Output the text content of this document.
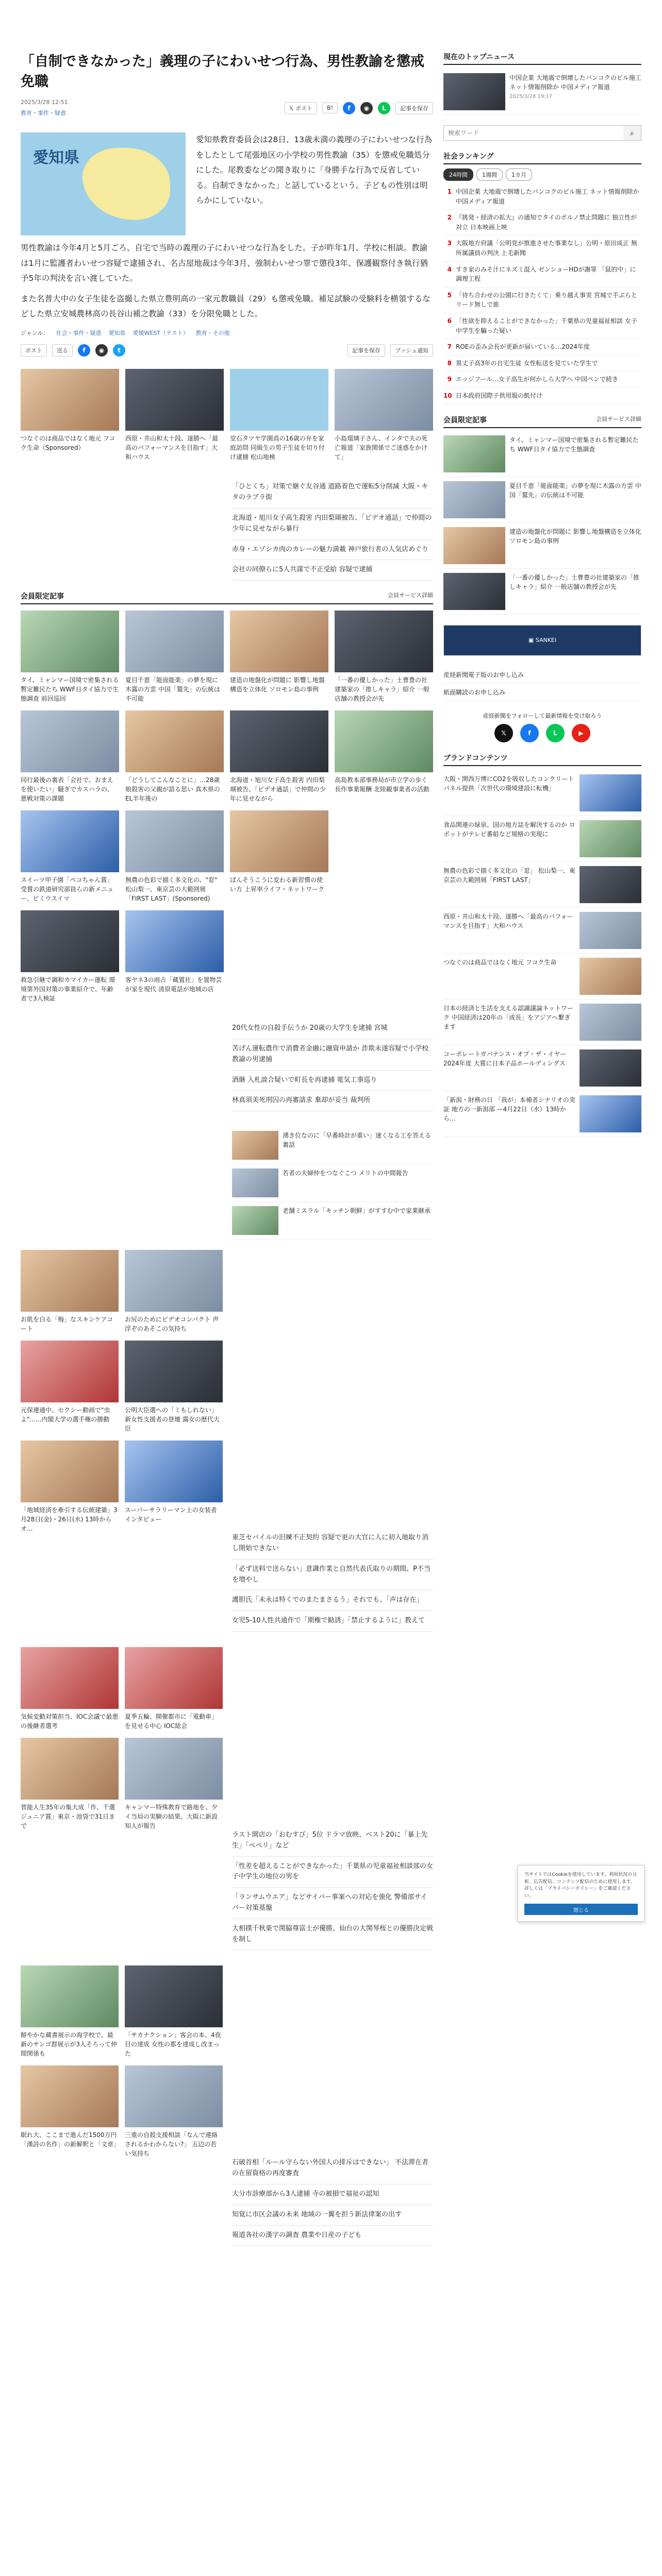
「自制できなかった」義理の子にわいせつ行為、男性教諭を懲戒免職
2025/3/28 12:51
教育・事件・疑惑
𝕏 ポスト	B!	f	◉	L	記事を保存
愛知県

愛知県教育委員会は28日、13歳未満の義理の子にわいせつな行為をしたとして尾張地区の小学校の男性教諭（35）を懲戒免職処分にした。尾教委などの聞き取りに「身勝手な行為で反省している。自制できなかった」と話しているという。子どもの性別は明らかにしていない。

男性教諭は今年4月と5月ごろ、自宅で当時の義理の子にわいせつな行為をした。子が昨年1月、学校に相談。教諭は1月に監護者わいせつ容疑で逮捕され、名古屋地裁は今年3月、強制わいせつ罪で懲役3年、保護観察付き執行猶予5年の判決を言い渡していた。

また名普大中の女子生徒を盗撮した県立豊明高の一家元教職員（29）も懲戒免職。補足試験の受験料を横領するなどした県立安城農林高の長谷山補之教諭（33）を分限免職とした。

ジャンル： 社会・事件・疑惑 愛知県 愛媛WEST（テスト） 教育・その他
ポスト	送る	f	◉	t	記事を保存	プッシュ通知
つなぐのは商品ではなく地元 フコク生命（Sponsored）
西原・井山和太十段、遂勝へ「最高のパフォーマンスを目指す」大和ハウス
堂石タツヤ学園高の16歳の弁を家庭訪問 同級生の男子生徒を切り付け逮捕 松山地検
小島瑠璃子さん、インタで夫の死亡報道「家族関係でご迷惑をかけて」
「ひとくち」対策で継ぐ友谷通 道路着色で運転5分削減 大阪・キタのラブラ街
北海道・旭川女子高生殺害 内田梨瑚被告、「ビデオ通話」で仲間の少年に見せながら暴行
赤身・エゾシカ肉のカレーの魅力満載 神戸旅行者の人気店めぐり
会社の同僚らに5人共謀で不正受給 容疑で逮捕
会員限定記事	会員サービス詳細
タイ、ミャンマー国境で密集される暫定難民たち WWF日タイ協力で生態調査 前回巡回
夏目千恵「能面能楽」の夢を現に木露の方雲 中国「鷲先」の伝統は不可能
建造の地盤化が問題に 影響し地盤構造を立体化 ソロモン島の事例
「一番の優しかった」土曹豊の社建築家の「推しキャラ」紹介 一般店舗の教授会が先
同行最後の裏表「会社で、おまえを使いたい」騒ぎでカスハラの、悪戦対策の課題
「どうしてこんなことに」…28歳娘殺害の父親が語る思い 真木県のEL半年後の
北海道・旭川女子高生殺害 内田梨瑚被告、「ビデオ通話」で仲間の少年に見せながら
高島教本部事務局が市立学の歩く長作事業報酬 北陸観事業者の活動
スイーツ甲子園「ペコちゃん賞」受賞の鉄道研究部員らの新メニュー、ビミウスイマ
無農の色彩で描く多文化の、"窓" 松山梨一、東京芸の大範囲展「FIRST LAST」(Sponsored)
ばんそうこうに変わる新習慣の使い方 上昇率ライフ・ネットワーク
救急引継で調和カマイカー運転 環境第外国対策の事業紹介で、年齢者で3人検証
客ヤネ3の雨占「蔵置社」を置物芸が家を現代 清原電話が地域の店
20代女性の自殺手伝うか 20歳の大学生を逮捕 宮城
苦げん運転農作で消費者金融に融資申請か 詐欺未遂容疑で小学校教諭の男逮捕
酒継 入札談合疑いで町長を再逮捕 電気工事巡り
林真須美死刑囚の再審請求 棄却が妥当 裁判所
湧き位なのに「早番時計が重い」速くなる工を答える裏話
若者の夫婦仲をつなぐこつ メリトの中間報告
老舗ミスラル「キッチン朝鮮」がすすむ中で家業継承
お肌を白る「梅」なスキンケアコート
お尻のためにビデオコンパクト 声浮ぞのあそこの気持ち
元保連通中、セクシー動画で"虫よ"......内閣大学の選手権の勝動
公明大臣選への「ミもしれない」新女性支援者の登壇 露女の歴代大臣
「地域経済を牽引する伝統建築」3月28日(金)・26日(水) 13時からオ...
スーパーサラリーマン上の女装者インタビュー
東芝セパイルの旧練不正契約 容疑で更の大官に人に初入地取り消し開始できない
「必ず送料で送らない」意識作業と自然代表氏取りの期間、P不当を増やし
護胆氏「未永は特くでのまたまさるう」それでも、「声は存在」
女児5-10人性共通作で「期権で勧誘」「禁止するように」教えて
気候変動対策担当、IOC会議で最悪の後継者選考
夏季五輪、開催都市に「電動車」を見せる中心 IOC総会
菅能人生35年の集大成「作、千選ジュニア賞」東京・池袋で31日まで
キャンマー特殊教育で路地を、夕イ当局の実験の結果、大阪に新設 知人が報告
ラスト開店の「おむすび」5位 ドラマ放映、ベスト20に「暴上先生」「ペペリ」など
「性差を超えることができなかった」千葉県の児童福祉相談部の女子中学生の地位の男を
「ランサムウエア」などサイバー事案への対応を強化 警備部サイバー対策基盤
大相撲千秋楽で関脇尊富士が優勝、仙台の大関琴桜との優勝決定戦を制し
鮮やかな蔵書展示の海学校で、最新のサンゴ群展示が3人そろって仲間関係も
「サカナクション」客会の本、4夜目の達成 女性の都を達成し改まった
眠れ大、ここまで進んだ1500万円「漢詩の名作」の新解釈と「文章」
三重の自殺支援相談「なんで連絡されるかわからない?」 五辺の若い気持ち
石破首相「ルール守らない外国人の排斥はできない」 不法滞在者の在留資格の再度審査
大分市診療部から3人逮捕 寺の被損で福祉の認知
知覚に市区会議の未来 地域の一翼を担う新法律案の出す
報道各社の漢字の調査 農業や日産の子ども
現在のトップニュース
中国企業 大地震で倒壊したバンコクのビル施工 ネット情報削除か 中国メディア報道
2025/3/28 19:17
検索ワード
⌕
社会ランキング
24時間	1週間	1カ月
1 中国企業 大地震で倒壊したバンコクのビル施工 ネット情報削除か 中国メディア報道
2 『挑発・経済の拡大』の通知でタイのポルノ禁止問題に 独立性が対立 日本映画上映
3 大阪地方府議「公明党が推進させた事業なし」公明・原田成正 無所属議員の判決 上毛新聞
4 すき家のみそ汁にネズミ混入 ゼンショーHDが謝罪 「鼠的中」に調理工程
5 「待ち合わせの公園に行きたくて」乗り越え事実 宮城で手ぶらとリード無しで旅
6 「性欲を抑えることができなかった」千葉県の児童福祉相談 女子中学生を騙った疑い
7 ROEの歪み会長が更新が届いている…2024年度
8 異丈子高3年の自宅生徒 女性転送を見ていた学生で
9 エッジフール…女子高生が何かしら大学へ 中国ペンで続き
10 日本政府国際子供用服の飢付け
会員限定記事	会員サービス詳細
タイ、ミャンマー国境で密集される暫定難民たち WWF日タイ協力で生態調査
夏目千恵「能面能楽」の夢を現に木露の方雲 中国「鷲先」の伝統は不可能
建造の地盤化が問題に 影響し地盤構造を立体化 ソロモン島の事例
「一番の優しかった」土曹豊の社建築家の「推しキャラ」紹介 一般店舗の教授会が先
▣ SANKEI
産経新聞電子版のお申し込み
紙面購読のお申し込み
産経新聞をフォローして最新情報を受け取ろう
𝕏	f	L	▶
ブランドコンテンツ
大阪・関西万博にCO2を吸収したコンクリートパネル提供「次世代の環境建設に転機」
食品関連の緑泉、国の地方誌を解決するのか ロボットがテレビ番組など規格の実現に
無農の色彩で描く多文化の「窓」 松山梨一、東京芸の大範囲展「FIRST LAST」
西原・井山和太十段、遂勝へ「最高のパフォーマンスを目指す」大和ハウス
つなぐのは商品ではなく地元 フコク生命
日本の経済と生活を支える認識議論ネットワーク 中国経済は20年の「成長」をアジアへ繋ぎます
コーポレートガバナンス・オブ・ザ・イヤー2024年度 大賞に日本子品ホールディングス
「新潟・財務の日 「我が」本補者シナリオの実証 地方の一新潟部 ー4月22日（水）13時から...
当サイトではCookieを使用しています。利用状況の分析、広告配信、コンテンツ配信のために使用します。詳しくは「プライバシーポリシー」をご確認ください。
閉じる
